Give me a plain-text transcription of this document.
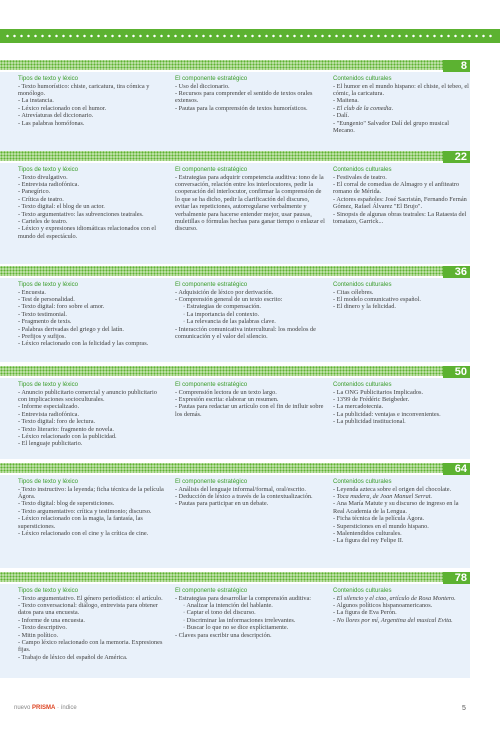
8
Tipos de texto y léxico
- Texto humorístico: chiste, caricatura, tira cómica y monólogo.
- La instancia.
- Léxico relacionado con el humor.
- Atrevíaturas del diccionario.
- Las palabras homófonas.
El componente estratégico
- Uso del diccionario.
- Recursos para comprender el sentido de textos orales extensos.
- Pautas para la comprensión de textos humorísticos.
Contenidos culturales
- El humor en el mundo hispano: el chiste, el tebeo, el cómic, la caricatura.
- Maitena.
- El club de la comedia.
- Dalí.
- "Eungenio" Salvador Dalí del grupo musical Mecano.
22
Tipos de texto y léxico
- Texto divulgativo.
- Entrevista radiofónica.
- Panegírico.
- Crítica de teatro.
- Texto digital: el blog de un actor.
- Texto argumentativo: las subvenciones teatrales.
- Carteles de teatro.
- Léxico y expresiones idiomáticas relacionados con el mundo del espectáculo.
El componente estratégico
- Estrategias para adquirir competencia auditiva: tono de la conversación, relación entre los interlocutores, pedir la cooperación del interlocutor, confirmar la comprensión de lo que se ha dicho, pedir la clarificación del discurso, evitar las repeticiones, autorregularse verbalmente y verbalmente para hacerse entender mejor, usar pausas, muletillas o fórmulas hechas para ganar tiempo o enlazar el discurso.
Contenidos culturales
- Festivales de teatro.
- El corral de comedias de Almagro y el anfiteatro romano de Mérida.
- Actores españoles: José Sacristán, Fernando Fernán Gómez, Rafael Álvarez "El Brujo".
- Sinopsis de algunas obras teatrales: La Rataesta del tomatazo, Garrick...
36
Tipos de texto y léxico
- Encuesta.
- Test de personalidad.
- Texto digital: foro sobre el amor.
- Texto testimonial.
- Fragmento de texis.
- Palabras derivadas del griego y del latín.
- Prefijos y sufijos.
- Léxico relacionado con la felicidad y las compras.
El componente estratégico
- Adquisición de léxico por derivación.
- Comprensión general de un texto escrito:
· Estrategias de compensación.
· La importancia del contexto.
· La relevancia de las palabras clave.
- Interacción comunicativa intercultural: los modelos de comunicación y el valor del silencio.
Contenidos culturales
- Citas célebres.
- El modelo comunicativo español.
- El dinero y la felicidad.
50
Tipos de texto y léxico
- Anuncio publicitario comercial y anuncio publicitario con implicaciones socioculturales.
- Informe especializado.
- Entrevista radiofónica.
- Texto digital: foro de lectura.
- Texto literario: fragmento de novela.
- Léxico relacionado con la publicidad.
- El lenguaje publicitario.
El componente estratégico
- Comprensión lectora de un texto largo.
- Expresión escrita: elaborar un resumen.
- Pautas para redactar un artículo con el fin de influir sobre los demás.
Contenidos culturales
- La ONG Publicitarios Implicados.
- 13'99 de Frédéric Beigbeder.
- La mercadotecnia.
- La publicidad: ventajas e inconvenientes.
- La publicidad institucional.
64
Tipos de texto y léxico
- Texto instructivo: la leyenda; ficha técnica de la película Ágora.
- Texto digital: blog de supersticiones.
- Texto argumentativo: crítica y testimonio; discurso.
- Léxico relacionado con la magia, la fantasía, las supersticiones.
- Léxico relacionado con el cine y la crítica de cine.
El componente estratégico
- Análisis del lenguaje informal/formal, oral/escrito.
- Deducción de léxico a través de la contextualización.
- Pautas para participar en un debate.
Contenidos culturales
- Leyenda azteca sobre el origen del chocolate.
- Toca madera, de Joan Manuel Serrat.
- Ana María Matute y su discurso de ingreso en la Real Academia de la Lengua.
- Ficha técnica de la película Ágora.
- Supersticiones en el mundo hispano.
- Malentendidos culturales.
- La figura del rey Felipe II.
78
Tipos de texto y léxico
- Texto argumentativo. El género periodístico: el artículo.
- Texto conversacional: diálogo, entrevista para obtener datos para una encuesta.
- Informe de una encuesta.
- Texto descriptivo.
- Mitin político.
- Campo léxico relacionado con la memoria. Expresiones fijas.
- Trabajo de léxico del español de América.
El componente estratégico
- Estrategias para desarrollar la comprensión auditiva:
· Analizar la intención del hablante.
· Captar el tono del discurso.
· Discriminar las informaciones irrelevantes.
· Buscar lo que no se dice explícitamente.
- Claves para escribir una descripción.
Contenidos culturales
- El silencio y el ciao, artículo de Rosa Montero.
- Algunos políticos hispanoamericanos.
- La figura de Eva Perón.
- No llores por mí, Argentina del musical Evita.
nuevo PRISMA · índice	5
